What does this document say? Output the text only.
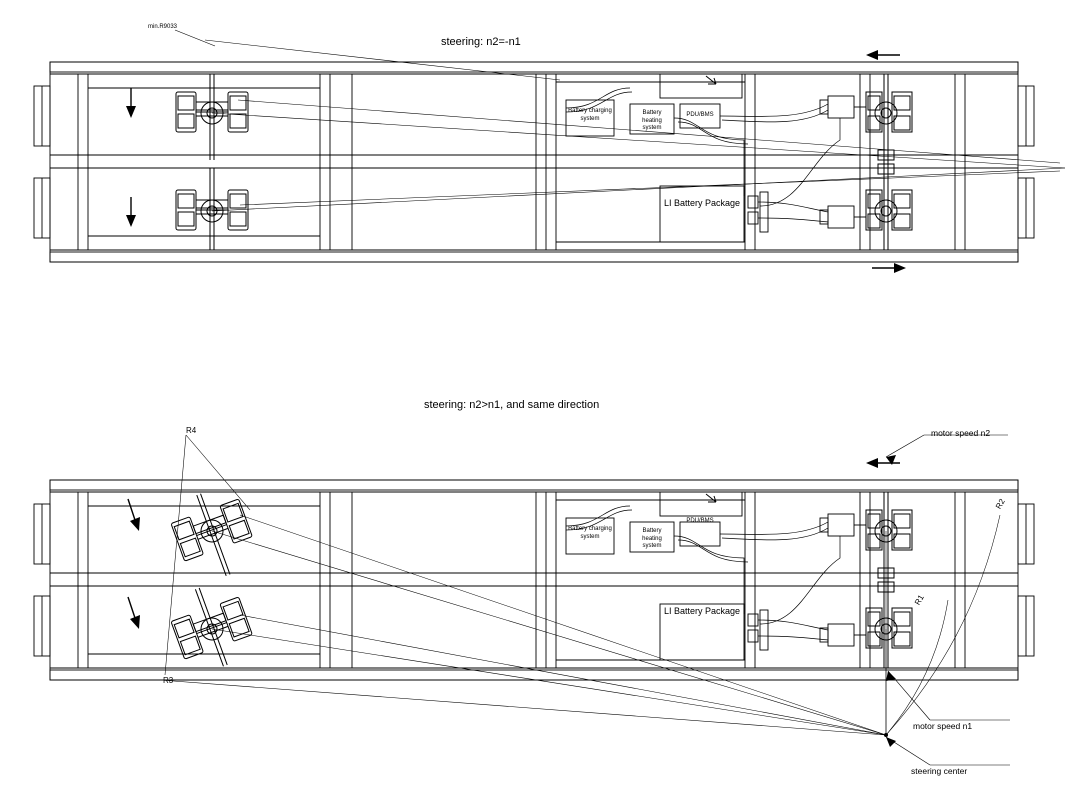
steering: n2=-n1
min.R9033
Battery charging system
Battery heating system
PDU/BMS
LI Battery Package
steering: n2>n1, and same direction
Battery charging system
Battery heating system
PDU/BMS
LI Battery Package
R4
R3
R2
R1
motor speed n2
motor speed n1
steering center
